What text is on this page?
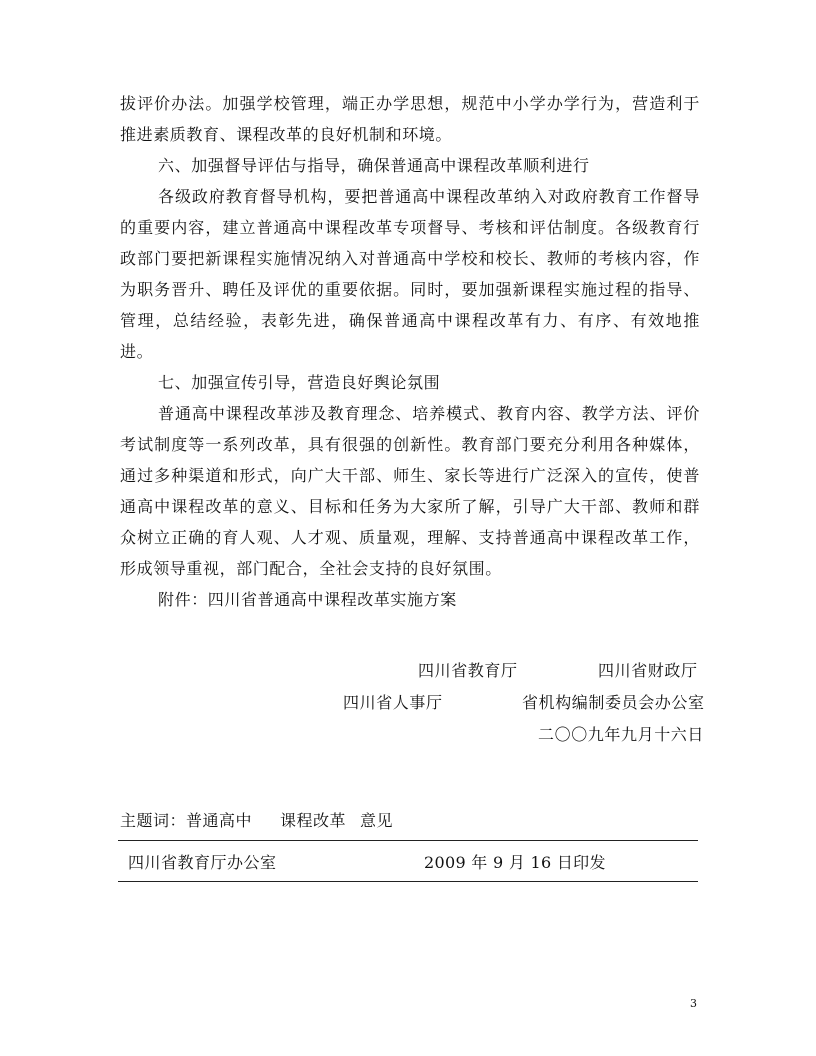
拔评价办法。加强学校管理，端正办学思想，规范中小学办学行为，营造利于推进素质教育、课程改革的良好机制和环境。

六、加强督导评估与指导，确保普通高中课程改革顺利进行

各级政府教育督导机构，要把普通高中课程改革纳入对政府教育工作督导的重要内容，建立普通高中课程改革专项督导、考核和评估制度。各级教育行政部门要把新课程实施情况纳入对普通高中学校和校长、教师的考核内容，作为职务晋升、聘任及评优的重要依据。同时，要加强新课程实施过程的指导、管理，总结经验，表彰先进，确保普通高中课程改革有力、有序、有效地推进。

七、加强宣传引导，营造良好舆论氛围

普通高中课程改革涉及教育理念、培养模式、教育内容、教学方法、评价考试制度等一系列改革，具有很强的创新性。教育部门要充分利用各种媒体，通过多种渠道和形式，向广大干部、师生、家长等进行广泛深入的宣传，使普通高中课程改革的意义、目标和任务为大家所了解，引导广大干部、教师和群众树立正确的育人观、人才观、质量观，理解、支持普通高中课程改革工作，形成领导重视，部门配合，全社会支持的良好氛围。

附件：四川省普通高中课程改革实施方案

四川省教育厅	四川省财政厅
四川省人事厅	省机构编制委员会办公室
二〇〇九年九月十六日
主题词：普通高中 课程改革 意见
四川省教育厅办公室	2009 年 9 月 16 日印发
3
